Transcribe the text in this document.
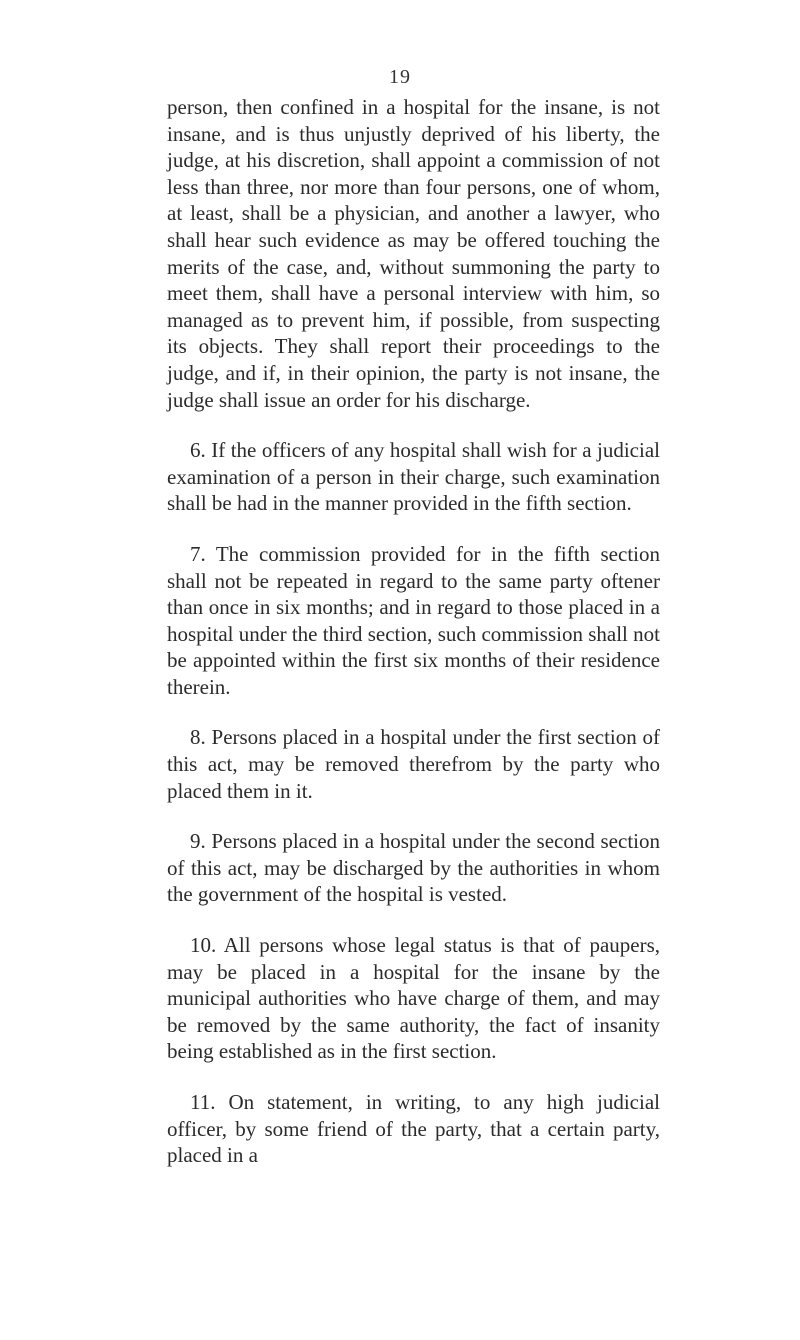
19

person, then confined in a hospital for the insane, is not insane, and is thus unjustly deprived of his liberty, the judge, at his discretion, shall appoint a commission of not less than three, nor more than four persons, one of whom, at least, shall be a physician, and another a lawyer, who shall hear such evidence as may be offered touching the merits of the case, and, without summoning the party to meet them, shall have a personal interview with him, so managed as to prevent him, if possible, from suspecting its objects. They shall report their proceedings to the judge, and if, in their opinion, the party is not insane, the judge shall issue an order for his discharge.

6. If the officers of any hospital shall wish for a judicial examination of a person in their charge, such examination shall be had in the manner provided in the fifth section.

7. The commission provided for in the fifth section shall not be repeated in regard to the same party oftener than once in six months; and in regard to those placed in a hospital under the third section, such commission shall not be appointed within the first six months of their residence therein.

8. Persons placed in a hospital under the first section of this act, may be removed therefrom by the party who placed them in it.

9. Persons placed in a hospital under the second section of this act, may be discharged by the authorities in whom the government of the hospital is vested.

10. All persons whose legal status is that of paupers, may be placed in a hospital for the insane by the municipal authorities who have charge of them, and may be removed by the same authority, the fact of insanity being established as in the first section.

11. On statement, in writing, to any high judicial officer, by some friend of the party, that a certain party, placed in a
